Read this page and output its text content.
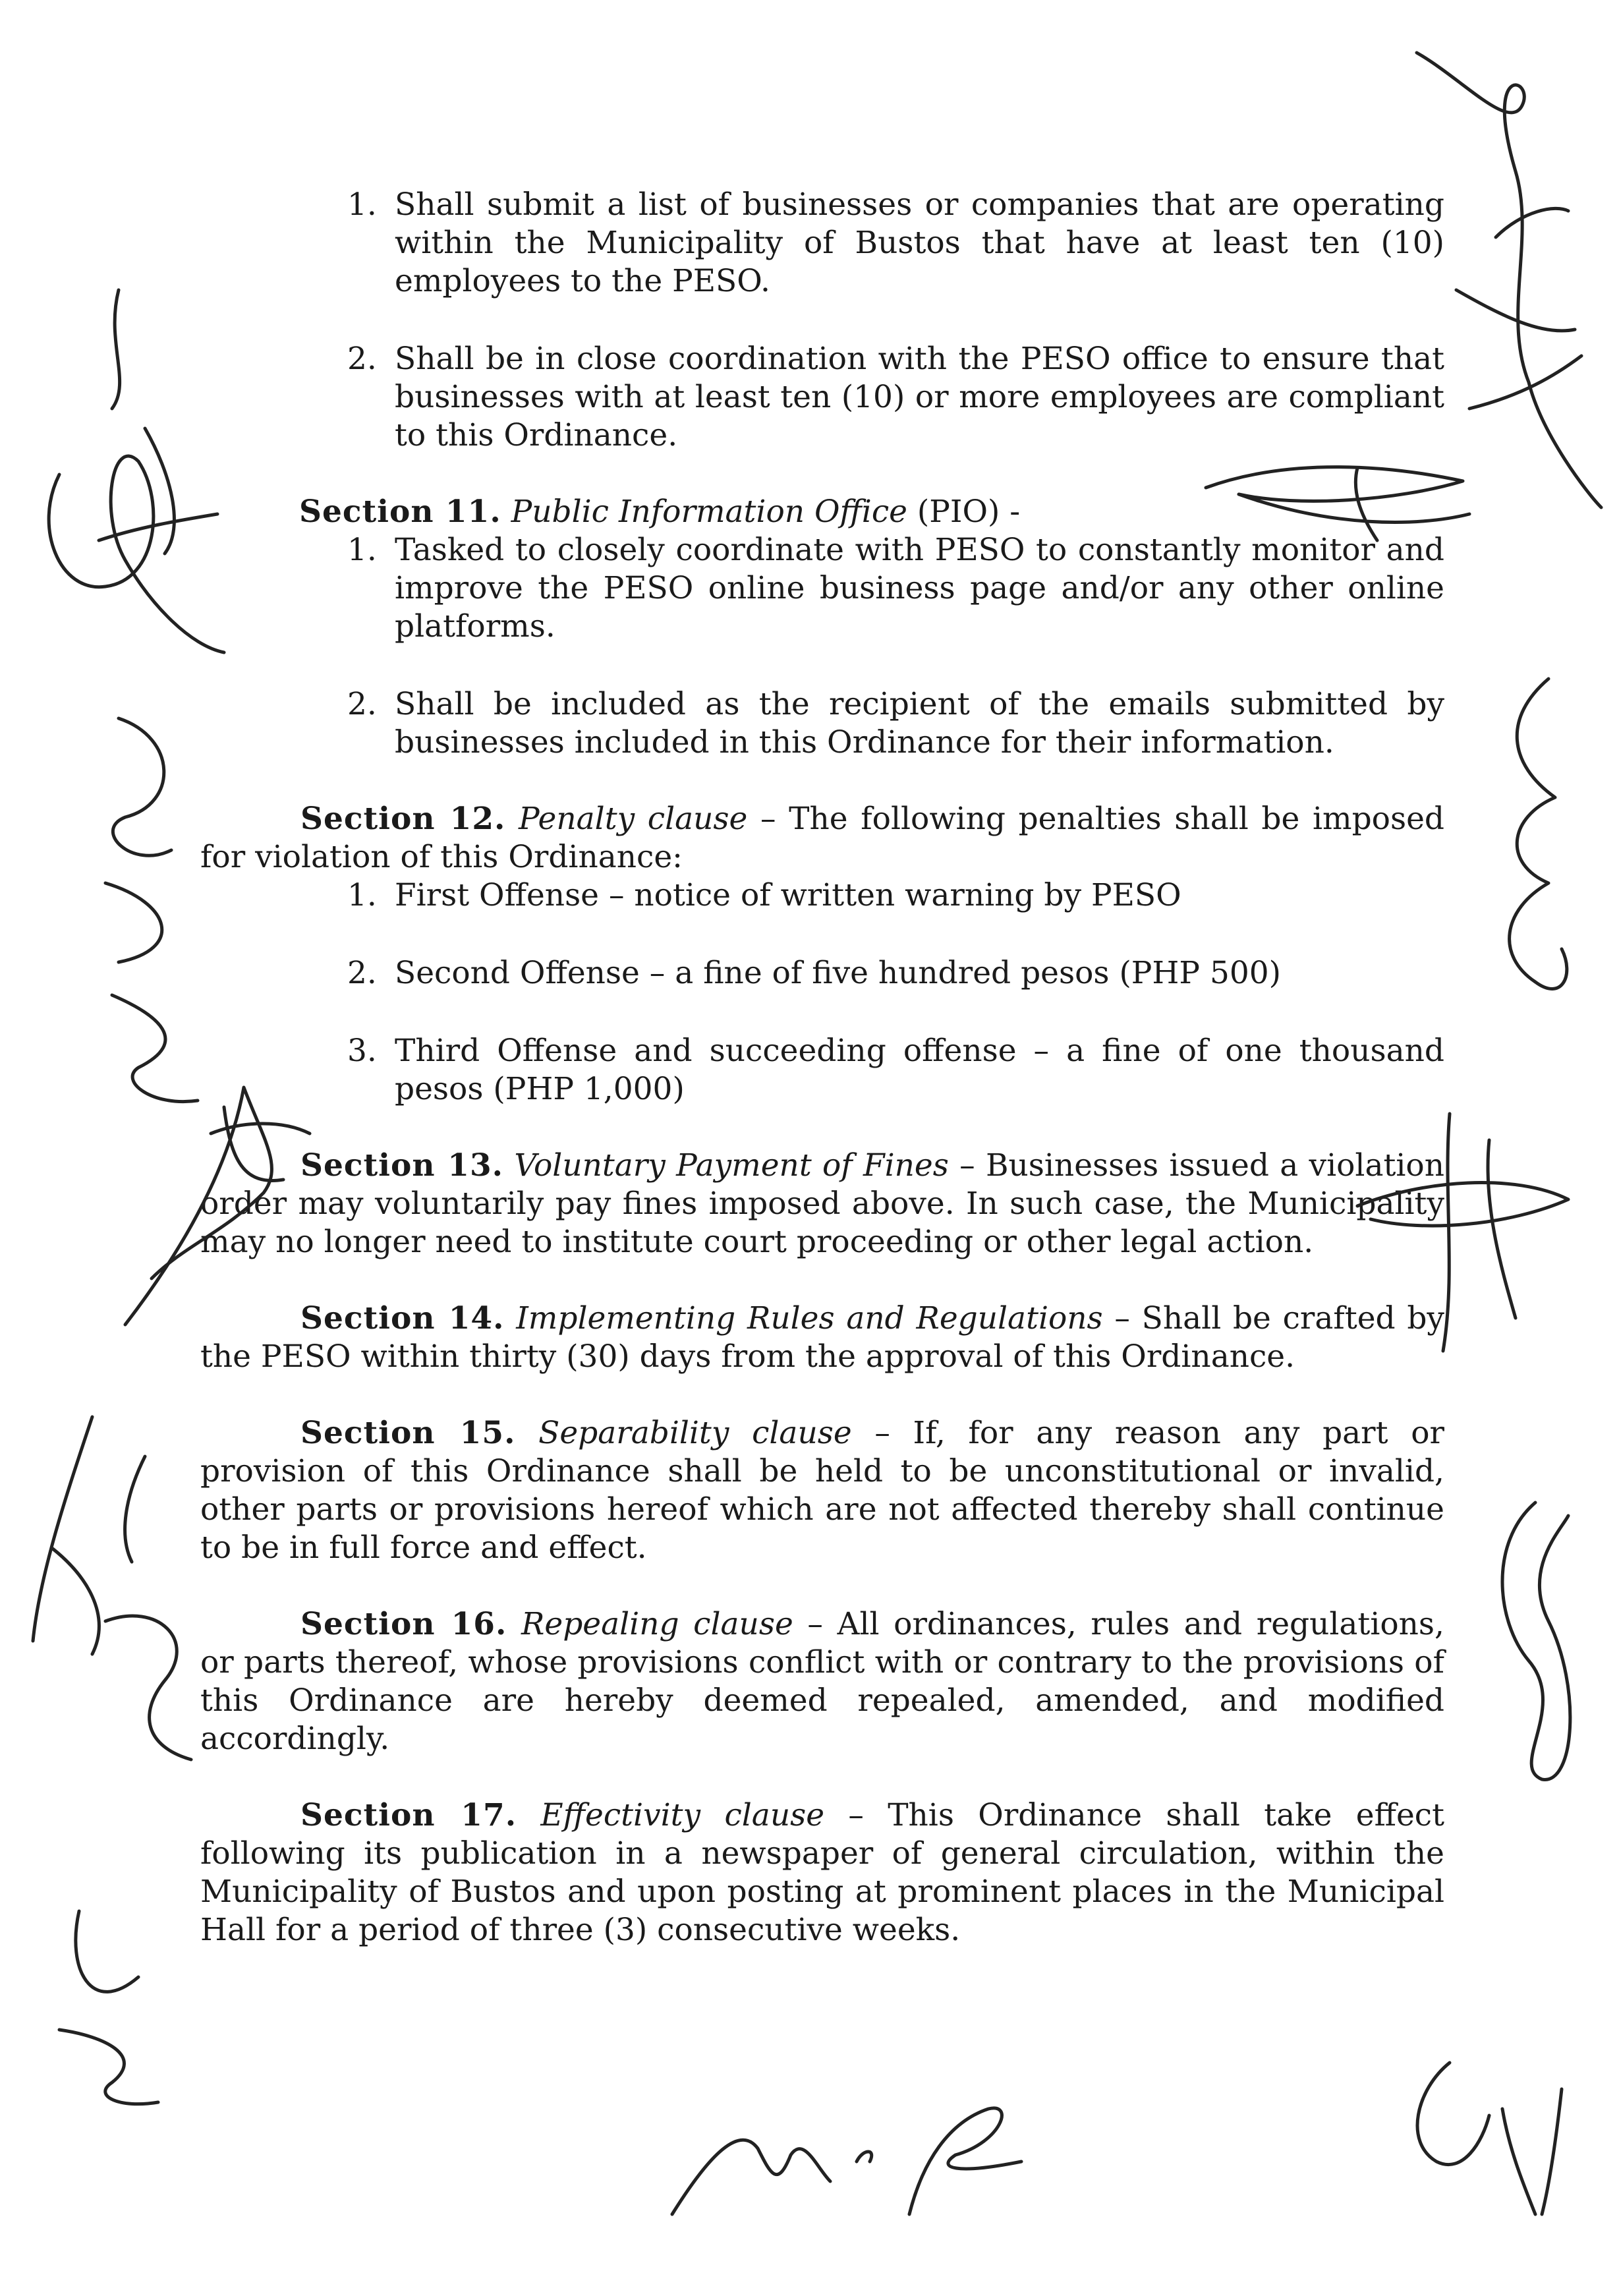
1. Shall submit a list of businesses or companies that are operating within the Municipality of Bustos that have at least ten (10) employees to the PESO.
2. Shall be in close coordination with the PESO office to ensure that businesses with at least ten (10) or more employees are compliant to this Ordinance.

Section 11. Public Information Office (PIO) -

1. Tasked to closely coordinate with PESO to constantly monitor and improve the PESO online business page and/or any other online platforms.
2. Shall be included as the recipient of the emails submitted by businesses included in this Ordinance for their information.

Section 12. Penalty clause – The following penalties shall be imposed for violation of this Ordinance:

1. First Offense – notice of written warning by PESO
2. Second Offense – a fine of five hundred pesos (PHP 500)
3. Third Offense and succeeding offense – a fine of one thousand pesos (PHP 1,000)

Section 13. Voluntary Payment of Fines – Businesses issued a violation order may voluntarily pay fines imposed above. In such case, the Municipality may no longer need to institute court proceeding or other legal action.

Section 14. Implementing Rules and Regulations – Shall be crafted by the PESO within thirty (30) days from the approval of this Ordinance.

Section 15. Separability clause – If, for any reason any part or provision of this Ordinance shall be held to be unconstitutional or invalid, other parts or provisions hereof which are not affected thereby shall continue to be in full force and effect.

Section 16. Repealing clause – All ordinances, rules and regulations, or parts thereof, whose provisions conflict with or contrary to the provisions of this Ordinance are hereby deemed repealed, amended, and modified accordingly.

Section 17. Effectivity clause – This Ordinance shall take effect following its publication in a newspaper of general circulation, within the Municipality of Bustos and upon posting at prominent places in the Municipal Hall for a period of three (3) consecutive weeks.
